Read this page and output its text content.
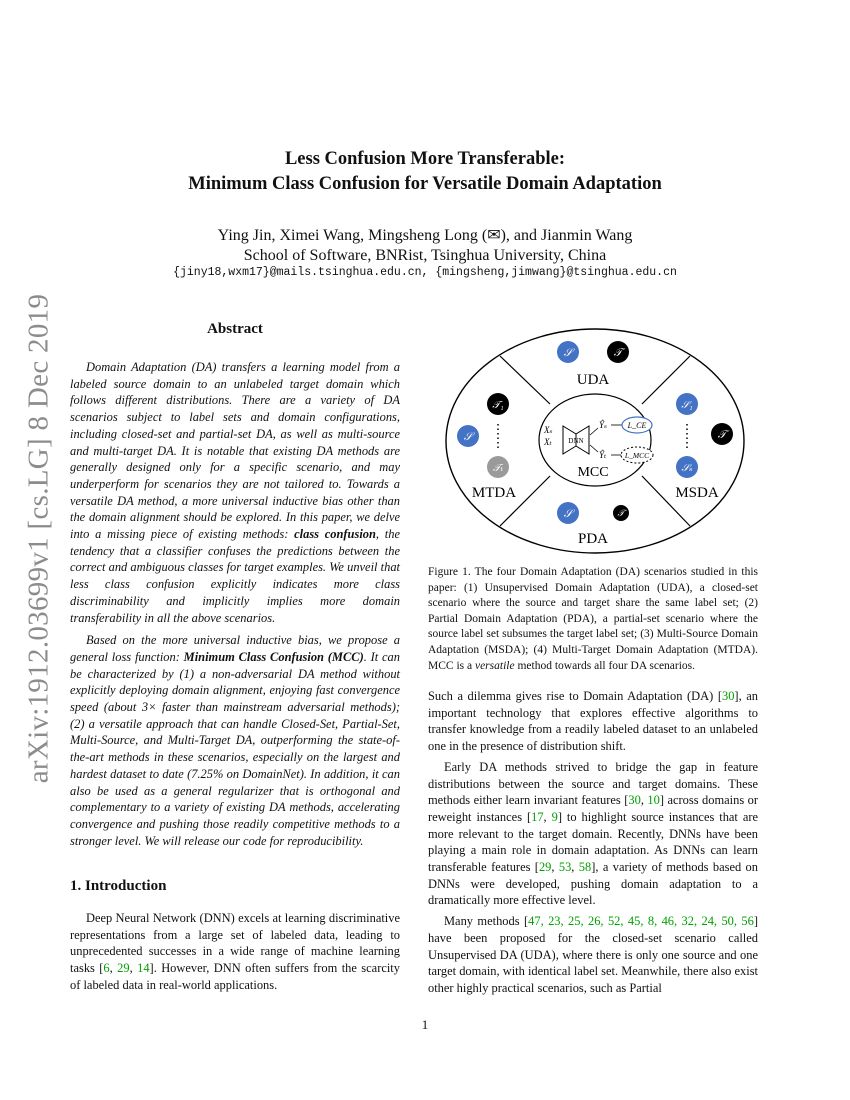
arXiv:1912.03699v1 [cs.LG] 8 Dec 2019
Less Confusion More Transferable:
Minimum Class Confusion for Versatile Domain Adaptation
Ying Jin, Ximei Wang, Mingsheng Long (✉), and Jianmin Wang
School of Software, BNRist, Tsinghua University, China
{jiny18,wxm17}@mails.tsinghua.edu.cn, {mingsheng,jimwang}@tsinghua.edu.cn
Abstract

Domain Adaptation (DA) transfers a learning model from a labeled source domain to an unlabeled target domain which follows different distributions. There are a variety of DA scenarios subject to label sets and domain configurations, including closed-set and partial-set DA, as well as multi-source and multi-target DA. It is notable that existing DA methods are generally designed only for a specific scenario, and may underperform for scenarios they are not tailored to. Towards a versatile DA method, a more universal inductive bias other than the domain alignment should be explored. In this paper, we delve into a missing piece of existing methods: class confusion, the tendency that a classifier confuses the predictions between the correct and ambiguous classes for target examples. We unveil that less class confusion explicitly indicates more class discriminability and implicitly implies more domain transferability in all the above scenarios.

Based on the more universal inductive bias, we propose a general loss function: Minimum Class Confusion (MCC). It can be characterized by (1) a non-adversarial DA method without explicitly deploying domain alignment, enjoying fast convergence speed (about 3× faster than mainstream adversarial methods); (2) a versatile approach that can handle Closed-Set, Partial-Set, Multi-Source, and Multi-Target DA, outperforming the state-of-the-art methods in these scenarios, especially on the largest and hardest dataset to date (7.25% on DomainNet). In addition, it can also be used as a general regularizer that is orthogonal and complementary to a variety of existing DA methods, accelerating convergence and pushing those readily competitive methods to a stronger level. We will release our code for reproducibility.

1. Introduction

Deep Neural Network (DNN) excels at learning discriminative representations from a large set of labeled data, leading to unprecedented successes in a wide range of machine learning tasks [6, 29, 14]. However, DNN often suffers from the scarcity of labeled data in real-world applications.

𝒮	𝒯
UDA
𝒮	𝒯
PDA
𝒯₁
𝒮
𝒯ₜ
MTDA
𝒮₁
𝒯
𝒮ₛ
MSDA
Xₛ
Xₜ DNN
Ŷₛ
Ŷₜ
L_CE
L_MCC
MCC
Figure 1. The four Domain Adaptation (DA) scenarios studied in this paper: (1) Unsupervised Domain Adaptation (UDA), a closed-set scenario where the source and target share the same label set; (2) Partial Domain Adaptation (PDA), a partial-set scenario where the source label set subsumes the target label set; (3) Multi-Source Domain Adaptation (MSDA); (4) Multi-Target Domain Adaptation (MTDA). MCC is a versatile method towards all four DA scenarios.

Such a dilemma gives rise to Domain Adaptation (DA) [30], an important technology that explores effective algorithms to transfer knowledge from a readily labeled dataset to an unlabeled one in the presence of distribution shift.

Early DA methods strived to bridge the gap in feature distributions between the source and target domains. These methods either learn invariant features [30, 10] across domains or reweight instances [17, 9] to highlight source instances that are more relevant to the target domain. Recently, DNNs have been playing a main role in domain adaptation. As DNNs can learn transferable features [29, 53, 58], a variety of methods based on DNNs were developed, pushing domain adaptation to a dramatically more effective level.

Many methods [47, 23, 25, 26, 52, 45, 8, 46, 32, 24, 50, 56] have been proposed for the closed-set scenario called Unsupervised DA (UDA), where there is only one source and one target domain, with identical label set. Meanwhile, there also exist other highly practical scenarios, such as Partial

1
